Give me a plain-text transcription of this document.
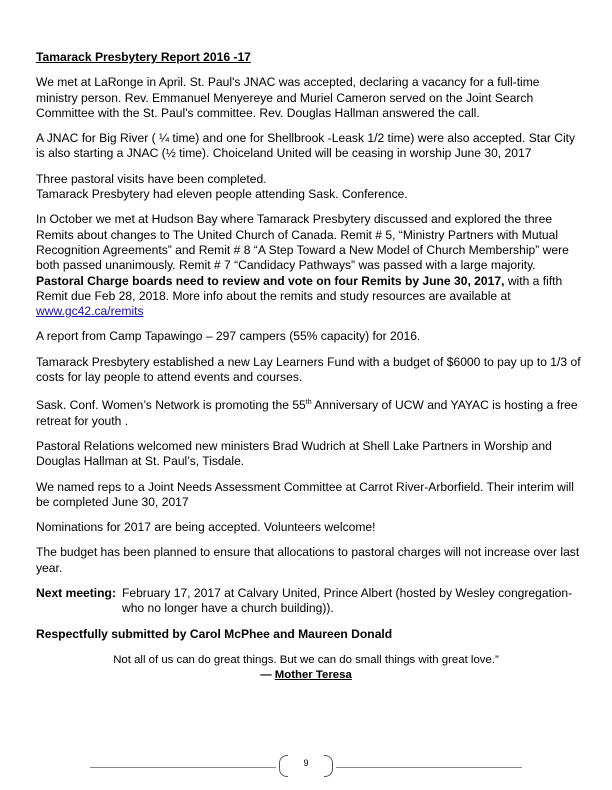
Tamarack Presbytery Report 2016 -17

We met at LaRonge in April. St. Paul's JNAC was accepted, declaring a vacancy for a full-time ministry person. Rev. Emmanuel Menyereye and Muriel Cameron served on the Joint Search Committee with the St. Paul's committee. Rev. Douglas Hallman answered the call.

A JNAC for Big River ( ¼ time) and one for Shellbrook -Leask 1/2 time) were also accepted. Star City is also starting a JNAC (½ time). Choiceland United will be ceasing in worship June 30, 2017

Three pastoral visits have been completed.

Tamarack Presbytery had eleven people attending Sask. Conference.

In October we met at Hudson Bay where Tamarack Presbytery discussed and explored the three Remits about changes to The United Church of Canada. Remit # 5, “Ministry Partners with Mutual Recognition Agreements” and Remit # 8 “A Step Toward a New Model of Church Membership” were both passed unanimously. Remit # 7 “Candidacy Pathways” was passed with a large majority. Pastoral Charge boards need to review and vote on four Remits by June 30, 2017, with a fifth Remit due Feb 28, 2018. More info about the remits and study resources are available at www.gc42.ca/remits

A report from Camp Tapawingo – 297 campers (55% capacity) for 2016.

Tamarack Presbytery established a new Lay Learners Fund with a budget of $6000 to pay up to 1/3 of costs for lay people to attend events and courses.

Sask. Conf. Women’s Network is promoting the 55th Anniversary of UCW and YAYAC is hosting a free retreat for youth .

Pastoral Relations welcomed new ministers Brad Wudrich at Shell Lake Partners in Worship and Douglas Hallman at St. Paul’s, Tisdale.

We named reps to a Joint Needs Assessment Committee at Carrot River-Arborfield. Their interim will be completed June 30, 2017

Nominations for 2017 are being accepted. Volunteers welcome!

The budget has been planned to ensure that allocations to pastoral charges will not increase over last year.

Next meeting: February 17, 2017 at Calvary United, Prince Albert (hosted by Wesley congregation- who no longer have a church building)).

Respectfully submitted by Carol McPhee and Maureen Donald

Not all of us can do great things. But we can do small things with great love.”
— Mother Teresa
9
